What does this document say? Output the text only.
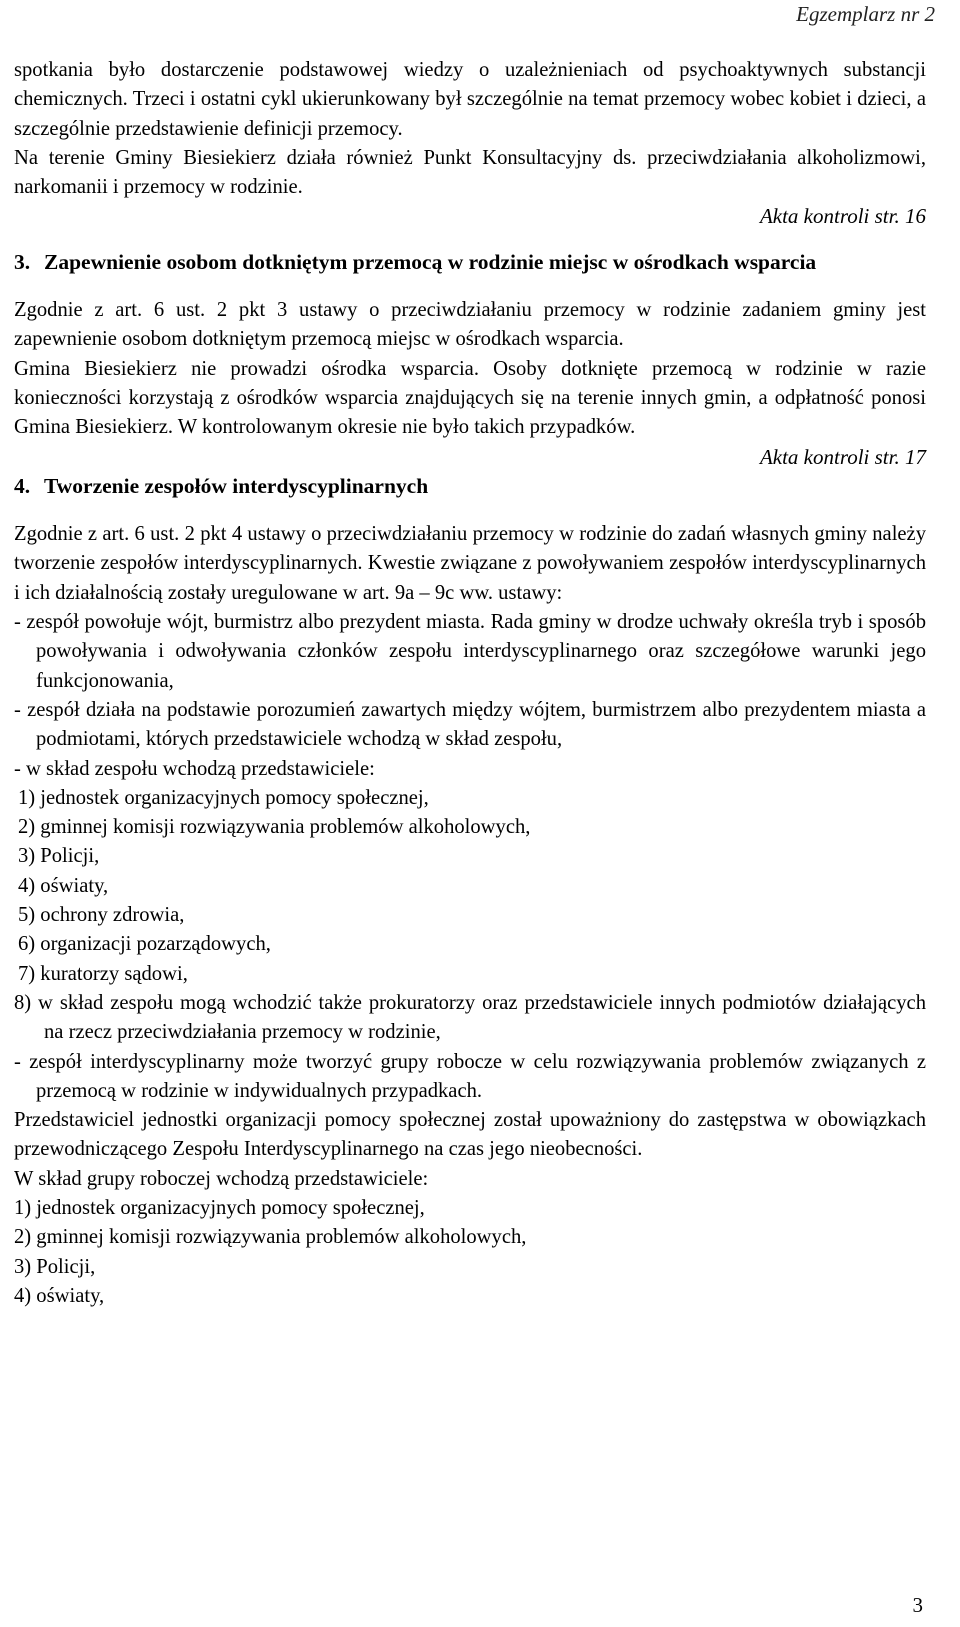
Egzemplarz nr 2

spotkania było dostarczenie podstawowej wiedzy o uzależnieniach od psychoaktywnych substancji chemicznych. Trzeci i ostatni cykl ukierunkowany był szczególnie na temat przemocy wobec kobiet i dzieci, a szczególnie przedstawienie definicji przemocy.

Na terenie Gminy Biesiekierz działa również Punkt Konsultacyjny ds. przeciwdziałania alkoholizmowi, narkomanii i przemocy w rodzinie.

Akta kontroli str. 16

3. Zapewnienie osobom dotkniętym przemocą w rodzinie miejsc w ośrodkach wsparcia

Zgodnie z art. 6 ust. 2 pkt 3 ustawy o przeciwdziałaniu przemocy w rodzinie zadaniem gminy jest zapewnienie osobom dotkniętym przemocą miejsc w ośrodkach wsparcia.

Gmina Biesiekierz nie prowadzi ośrodka wsparcia. Osoby dotknięte przemocą w rodzinie w razie konieczności korzystają z ośrodków wsparcia znajdujących się na terenie innych gmin, a odpłatność ponosi Gmina Biesiekierz. W kontrolowanym okresie nie było takich przypadków.

Akta kontroli str. 17

4. Tworzenie zespołów interdyscyplinarnych

Zgodnie z art. 6 ust. 2 pkt 4 ustawy o przeciwdziałaniu przemocy w rodzinie do zadań własnych gminy należy tworzenie zespołów interdyscyplinarnych. Kwestie związane z powoływaniem zespołów interdyscyplinarnych i ich działalnością zostały uregulowane w art. 9a – 9c ww. ustawy:

- zespół powołuje wójt, burmistrz albo prezydent miasta. Rada gminy w drodze uchwały określa tryb i sposób powoływania i odwoływania członków zespołu interdyscyplinarnego oraz szczegółowe warunki jego funkcjonowania,

- zespół działa na podstawie porozumień zawartych między wójtem, burmistrzem albo prezydentem miasta a podmiotami, których przedstawiciele wchodzą w skład zespołu,

- w skład zespołu wchodzą przedstawiciele:

1) jednostek organizacyjnych pomocy społecznej,

2) gminnej komisji rozwiązywania problemów alkoholowych,

3) Policji,

4) oświaty,

5) ochrony zdrowia,

6) organizacji pozarządowych,

7) kuratorzy sądowi,

8) w skład zespołu mogą wchodzić także prokuratorzy oraz przedstawiciele innych podmiotów działających na rzecz przeciwdziałania przemocy w rodzinie,

- zespół interdyscyplinarny może tworzyć grupy robocze w celu rozwiązywania problemów związanych z przemocą w rodzinie w indywidualnych przypadkach.

Przedstawiciel jednostki organizacji pomocy społecznej został upoważniony do zastępstwa w obowiązkach przewodniczącego Zespołu Interdyscyplinarnego na czas jego nieobecności.

W skład grupy roboczej wchodzą przedstawiciele:

1) jednostek organizacyjnych pomocy społecznej,

2) gminnej komisji rozwiązywania problemów alkoholowych,

3) Policji,

4) oświaty,

3
